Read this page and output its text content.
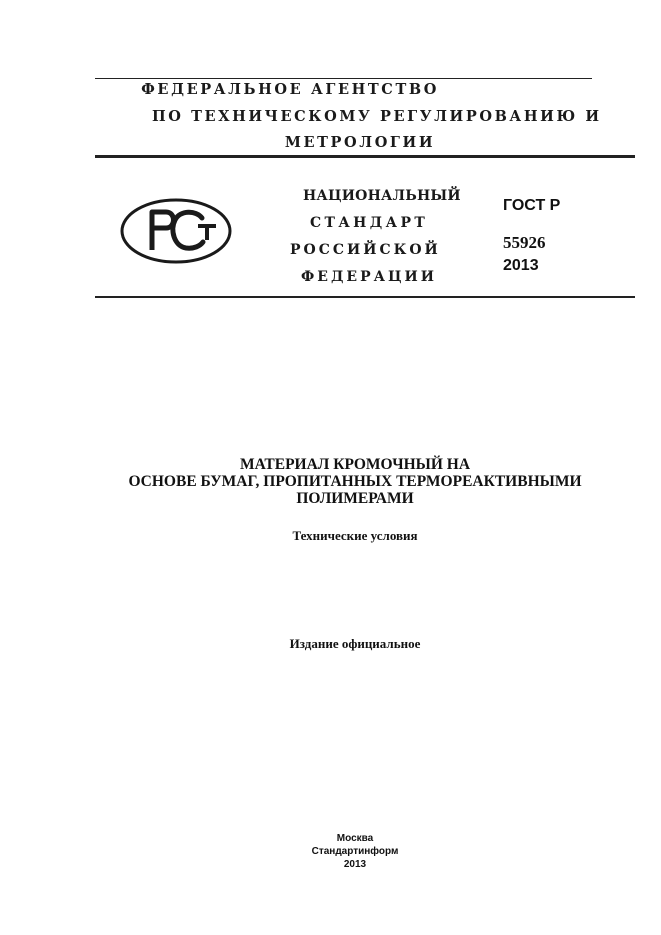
ФЕДЕРАЛЬНОЕ АГЕНТСТВО
ПО ТЕХНИЧЕСКОМУ РЕГУЛИРОВАНИЮ И
МЕТРОЛОГИИ
НАЦИОНАЛЬНЫЙ
СТАНДАРТ
РОССИЙСКОЙ
ФЕДЕРАЦИИ
ГОСТ Р
55926
2013
МАТЕРИАЛ КРОМОЧНЫЙ НА
ОСНОВЕ БУМАГ, ПРОПИТАННЫХ ТЕРМОРЕАКТИВНЫМИ
ПОЛИМЕРАМИ
Технические условия
Издание официальное
Москва
Стандартинформ
2013
